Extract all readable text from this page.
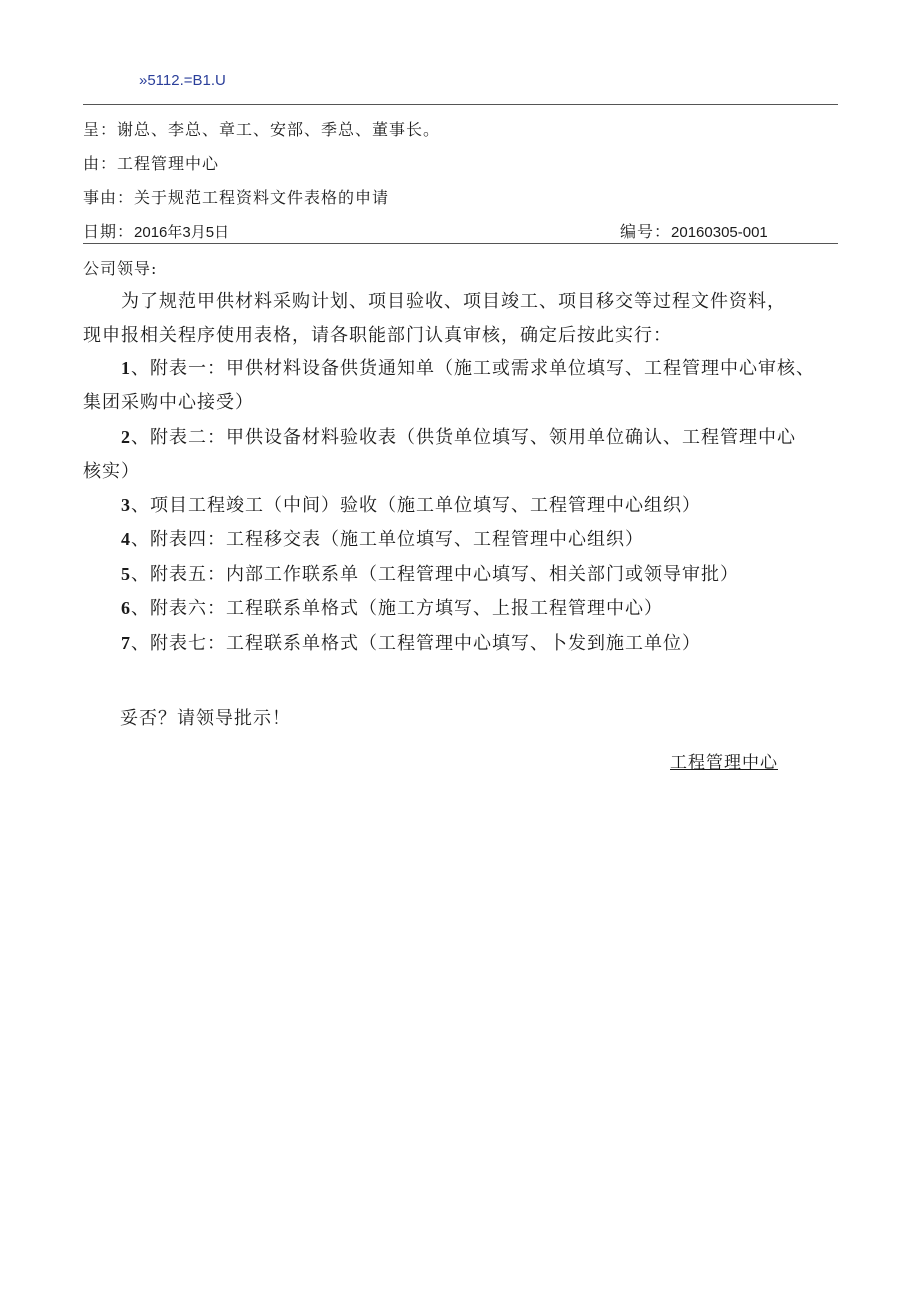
»5112.=B1.U
呈：谢总、李总、章工、安部、季总、董事长。
由：工程管理中心
事由：关于规范工程资料文件表格的申请
日期：2016年3月5日	编号：20160305-001
公司领导:
为了规范甲供材料采购计划、项目验收、项目竣工、项目移交等过程文件资料，
现申报相关程序使用表格，请各职能部门认真审核，确定后按此实行：
1、附表一：甲供材料设备供货通知单（施工或需求单位填写、工程管理中心审核、
集团采购中心接受）
2、附表二：甲供设备材料验收表（供货单位填写、领用单位确认、工程管理中心
核实）
3、项目工程竣工（中间）验收（施工单位填写、工程管理中心组织）
4、附表四：工程移交表（施工单位填写、工程管理中心组织）
5、附表五：内部工作联系单（工程管理中心填写、相关部门或领导审批）
6、附表六：工程联系单格式（施工方填写、上报工程管理中心）
7、附表七：工程联系单格式（工程管理中心填写、卜发到施工单位）
妥否？请领导批示！
工程管理中心
